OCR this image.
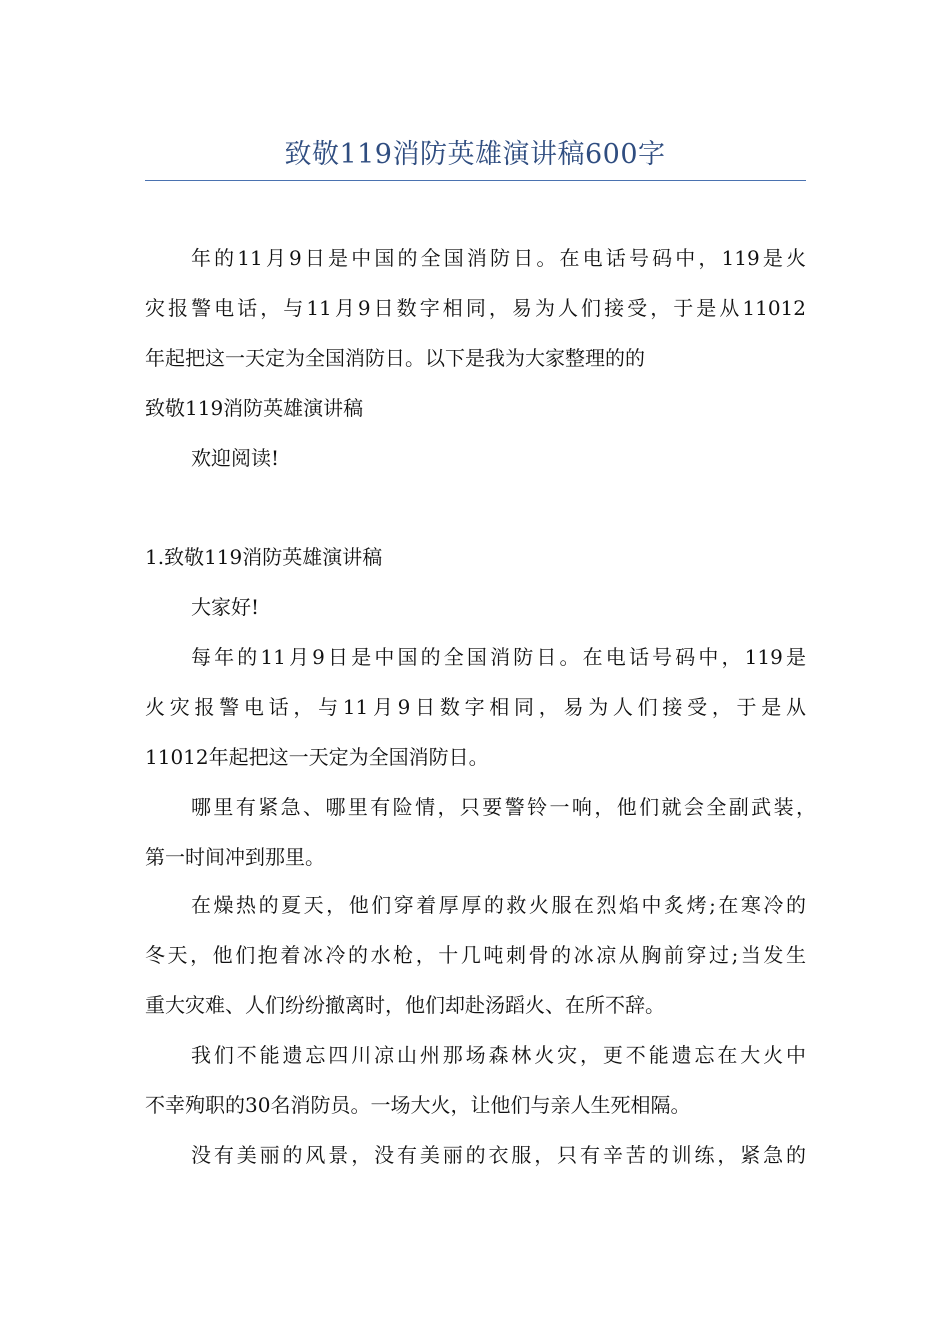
致敬119消防英雄演讲稿600字
年的11月9日是中国的全国消防日。在电话号码中，119是火
灾报警电话，与11月9日数字相同，易为人们接受，于是从11012
年起把这一天定为全国消防日。以下是我为大家整理的的
致敬119消防英雄演讲稿
欢迎阅读!
1.致敬119消防英雄演讲稿
大家好!
每年的11月9日是中国的全国消防日。在电话号码中，119是
火灾报警电话，与11月9日数字相同，易为人们接受，于是从
11012年起把这一天定为全国消防日。
哪里有紧急、哪里有险情，只要警铃一响，他们就会全副武装，
第一时间冲到那里。
在燥热的夏天，他们穿着厚厚的救火服在烈焰中炙烤;在寒冷的
冬天，他们抱着冰冷的水枪，十几吨刺骨的冰凉从胸前穿过;当发生
重大灾难、人们纷纷撤离时，他们却赴汤蹈火、在所不辞。
我们不能遗忘四川凉山州那场森林火灾，更不能遗忘在大火中
不幸殉职的30名消防员。一场大火，让他们与亲人生死相隔。
没有美丽的风景，没有美丽的衣服，只有辛苦的训练，紧急的
